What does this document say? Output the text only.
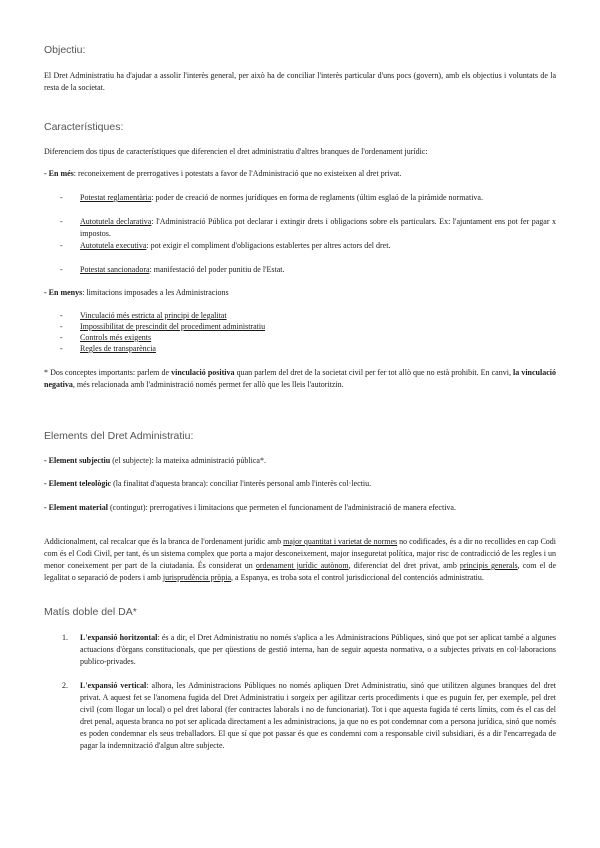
Objectiu:

El Dret Administratiu ha d'ajudar a assolir l'interès general, per això ha de conciliar l'interès particular d'uns pocs (govern), amb els objectius i voluntats de la resta de la societat.

Característiques:

Diferenciem dos tipus de característiques que diferencien el dret administratiu d'altres branques de l'ordenament jurídic:

- En més: reconeixement de prerrogatives i potestats a favor de l'Administració que no existeixen al dret privat.

- Potestat reglamentària: poder de creació de normes jurídiques en forma de reglaments (últim esglaó de la piràmide normativa.
- Autotutela declarativa: l'Administració Pública pot declarar i extingir drets i obligacions sobre els particulars. Ex: l'ajuntament ens pot fer pagar x impostos.
- Autotutela executiva: pot exigir el compliment d'obligacions establertes per altres actors del dret.
- Potestat sancionadora: manifestació del poder punitiu de l'Estat.

- En menys: limitacions imposades a les Administracions

- Vinculació més estricta al principi de legalitat
- Impossibilitat de prescindit del procediment administratiu
- Controls més exigents
- Regles de transparència

* Dos conceptes importants: parlem de vinculació positiva quan parlem del dret de la societat civil per fer tot allò que no està prohibit. En canvi, la vinculació negativa, més relacionada amb l'administració només permet fer allò que les lleis l'autoritzin.

Elements del Dret Administratiu:

- Element subjectiu (el subjecte): la mateixa administració pública*.

- Element teleològic (la finalitat d'aquesta branca): conciliar l'interès personal amb l'interès col·lectiu.

- Element material (contingut): prerrogatives i limitacions que permeten el funcionament de l'administració de manera efectiva.

Addicionalment, cal recalcar que és la branca de l'ordenament jurídic amb major quantitat i varietat de normes no codificades, és a dir no recollides en cap Codi com és el Codi Civil, per tant, és un sistema complex que porta a major desconeixement, major inseguretat política, major risc de contradicció de les regles i un menor coneixement per part de la ciutadania. És considerat un ordenament jurídic autònom, diferenciat del dret privat, amb principis generals, com el de legalitat o separació de poders i amb jurisprudència pròpia, a Espanya, es troba sota el control jurisdiccional del contenciós administratiu.

Matís doble del DA*
1. L'expansió horitzontal: és a dir, el Dret Administratiu no només s'aplica a les Administracions Públiques, sinó que pot ser aplicat també a algunes actuacions d'òrgans constitucionals, que per qüestions de gestió interna, han de seguir aquesta normativa, o a subjectes privats en col·laboracions publico-privades.
2. L'expansió vertical: alhora, les Administracions Públiques no només apliquen Dret Administratiu, sinó que utilitzen algunes branques del dret privat. A aquest fet se l'anomena fugida del Dret Administratiu i sorgeix per agilitzar certs procediments i que es puguin fer, per exemple, pel dret civil (com llogar un local) o pel dret laboral (fer contractes laborals i no de funcionariat). Tot i que aquesta fugida té certs límits, com és el cas del dret penal, aquesta branca no pot ser aplicada directament a les administracions, ja que no es pot condemnar com a persona jurídica, sinó que només es poden condemnar els seus treballadors. El que sí que pot passar és que es condemni com a responsable civil subsidiari, és a dir l'encarregada de pagar la indemnització d'algun altre subjecte.
